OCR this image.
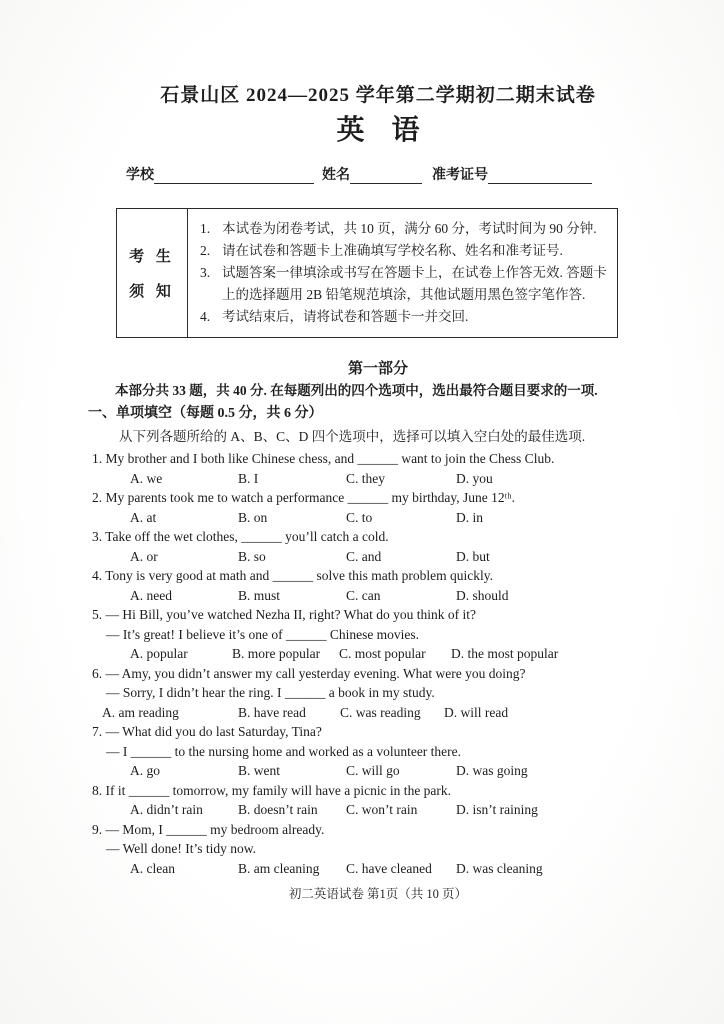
石景山区 2024—2025 学年第二学期初二期末试卷
英 语
学校	姓名	准考证号
考 生
须 知
1. 本试卷为闭卷考试，共 10 页，满分 60 分，考试时间为 90 分钟.
2. 请在试卷和答题卡上准确填写学校名称、姓名和准考证号.
3. 试题答案一律填涂或书写在答题卡上，在试卷上作答无效. 答题卡上的选择题用 2B 铅笔规范填涂，其他试题用黑色签字笔作答.
4. 考试结束后，请将试卷和答题卡一并交回.
第一部分
本部分共 33 题，共 40 分. 在每题列出的四个选项中，选出最符合题目要求的一项.
一、单项填空（每题 0.5 分，共 6 分）
从下列各题所给的 A、B、C、D 四个选项中，选择可以填入空白处的最佳选项.
1. My brother and I both like Chinese chess, and ______ want to join the Chess Club.
A. we	B. I	C. they	D. you
2. My parents took me to watch a performance ______ my birthday, June 12ᵗʰ.
A. at	B. on	C. to	D. in
3. Take off the wet clothes, ______ you’ll catch a cold.
A. or	B. so	C. and	D. but
4. Tony is very good at math and ______ solve this math problem quickly.
A. need	B. must	C. can	D. should
5. — Hi Bill, you’ve watched Nezha II, right? What do you think of it?
— It’s great! I believe it’s one of ______ Chinese movies.
A. popular	B. more popular	C. most popular	D. the most popular
6. — Amy, you didn’t answer my call yesterday evening. What were you doing?
— Sorry, I didn’t hear the ring. I ______ a book in my study.
A. am reading	B. have read	C. was reading	D. will read
7. — What did you do last Saturday, Tina?
— I ______ to the nursing home and worked as a volunteer there.
A. go	B. went	C. will go	D. was going
8. If it ______ tomorrow, my family will have a picnic in the park.
A. didn’t rain	B. doesn’t rain	C. won’t rain	D. isn’t raining
9. — Mom, I ______ my bedroom already.
— Well done! It’s tidy now.
A. clean	B. am cleaning	C. have cleaned	D. was cleaning
初二英语试卷 第1页（共 10 页）
